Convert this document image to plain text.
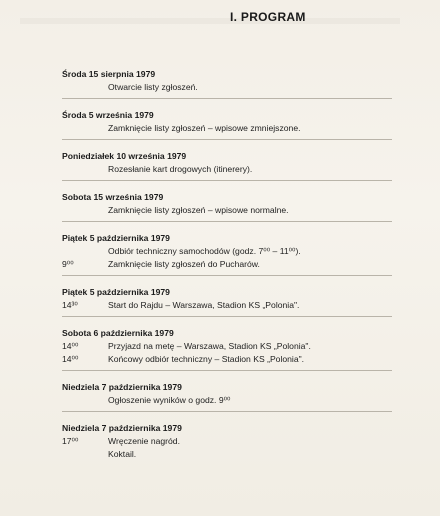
I. PROGRAM
Środa 15 sierpnia 1979
Otwarcie listy zgłoszeń.
Środa 5 września 1979
Zamknięcie listy zgłoszeń – wpisowe zmniejszone.
Poniedziałek 10 września 1979
Rozesłanie kart drogowych (itinerery).
Sobota 15 września 1979
Zamknięcie listy zgłoszeń – wpisowe normalne.
Piątek 5 października 1979
Odbiór techniczny samochodów (godz. 7⁰⁰ – 11⁰⁰).
9⁰⁰	Zamknięcie listy zgłoszeń do Pucharów.
Piątek 5 października 1979
14³⁰	Start do Rajdu – Warszawa, Stadion KS „Polonia".
Sobota 6 października 1979
14⁰⁰	Przyjazd na metę – Warszawa, Stadion KS „Polonia".
14⁰⁰	Końcowy odbiór techniczny – Stadion KS „Polonia".
Niedziela 7 października 1979
Ogłoszenie wyników o godz. 9⁰⁰
Niedziela 7 października 1979
17⁰⁰	Wręczenie nagród.
Koktail.
